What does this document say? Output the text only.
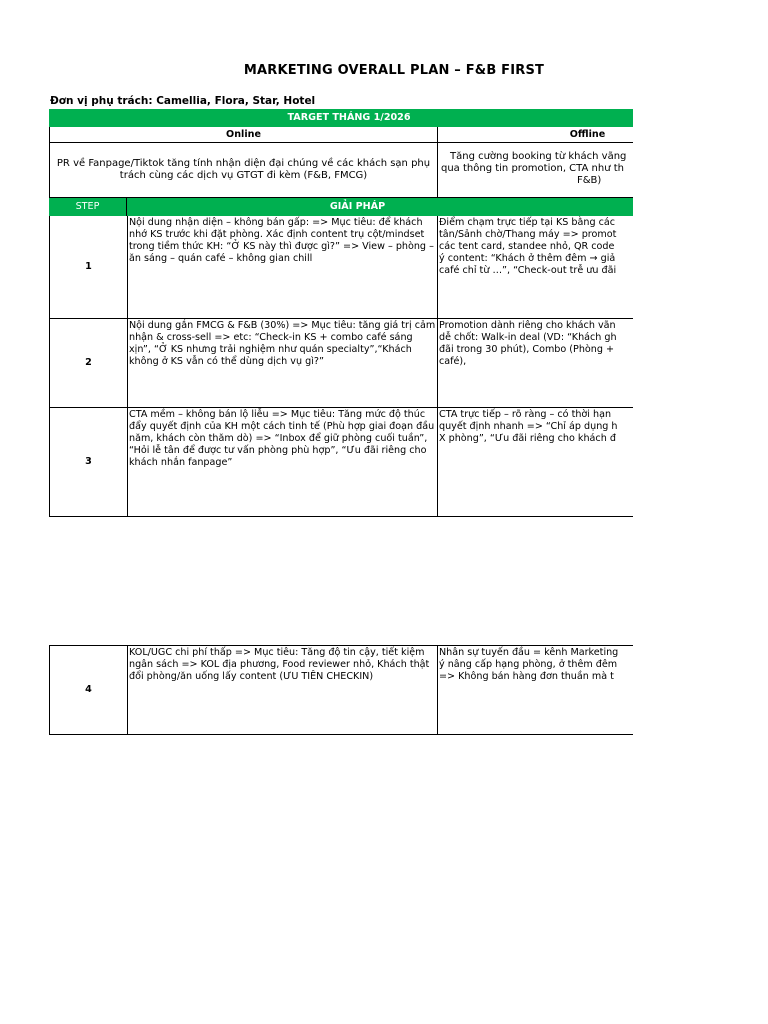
MARKETING OVERALL PLAN – F&B FIRST
Đơn vị phụ trách: Camellia, Flora, Star, Hotel
TARGET THÁNG 1/2026
Online	Offline
PR về Fanpage/Tiktok tăng tính nhận diện đại chúng về các khách sạn phụ trách cùng các dịch vụ GTGT đi kèm (F&B, FMCG)
Tăng cường booking từ khách vãng
qua thông tin promotion, CTA như th
F&B)
STEP	GIẢI PHÁP
1
Nội dung nhận diện – không bán gấp: => Mục tiêu: để khách nhớ KS trước khi đặt phòng. Xác định content trụ cột/mindset trong tiềm thức KH: “Ở KS này thì được gì?” => View – phòng – ăn sáng – quán café – không gian chill
Điểm chạm trực tiếp tại KS bằng các
tân/Sảnh chờ/Thang máy => promot
các tent card, standee nhỏ, QR code
ý content: “Khách ở thêm đêm → giả
café chỉ từ …”, “Check-out trễ ưu đãi
2
Nội dung gắn FMCG & F&B (30%) => Mục tiêu: tăng giá trị cảm nhận & cross-sell => etc: “Check-in KS + combo café sáng xịn”, “Ở KS nhưng trải nghiệm như quán specialty”,“Khách không ở KS vẫn có thể dùng dịch vụ gì?”
Promotion dành riêng cho khách vãn
dễ chốt: Walk-in deal (VD: “Khách gh
đãi trong 30 phút), Combo (Phòng +
café),
3
CTA mềm – không bán lộ liễu => Mục tiêu: Tăng mức độ thúc đẩy quyết định của KH một cách tinh tế (Phù hợp giai đoạn đầu năm, khách còn thăm dò) => “Inbox để giữ phòng cuối tuần”, “Hỏi lễ tân để được tư vấn phòng phù hợp”, “Ưu đãi riêng cho khách nhắn fanpage”
CTA trực tiếp – rõ ràng – có thời hạn
quyết định nhanh => “Chỉ áp dụng h
X phòng”, “Ưu đãi riêng cho khách đ
4
KOL/UGC chi phí thấp => Mục tiêu: Tăng độ tin cậy, tiết kiệm ngân sách => KOL địa phương, Food reviewer nhỏ, Khách thật đổi phòng/ăn uống lấy content (ƯU TIÊN CHECKIN)
Nhân sự tuyến đầu = kênh Marketing
ý nâng cấp hạng phòng, ở thêm đêm
=> Không bán hàng đơn thuần mà t
